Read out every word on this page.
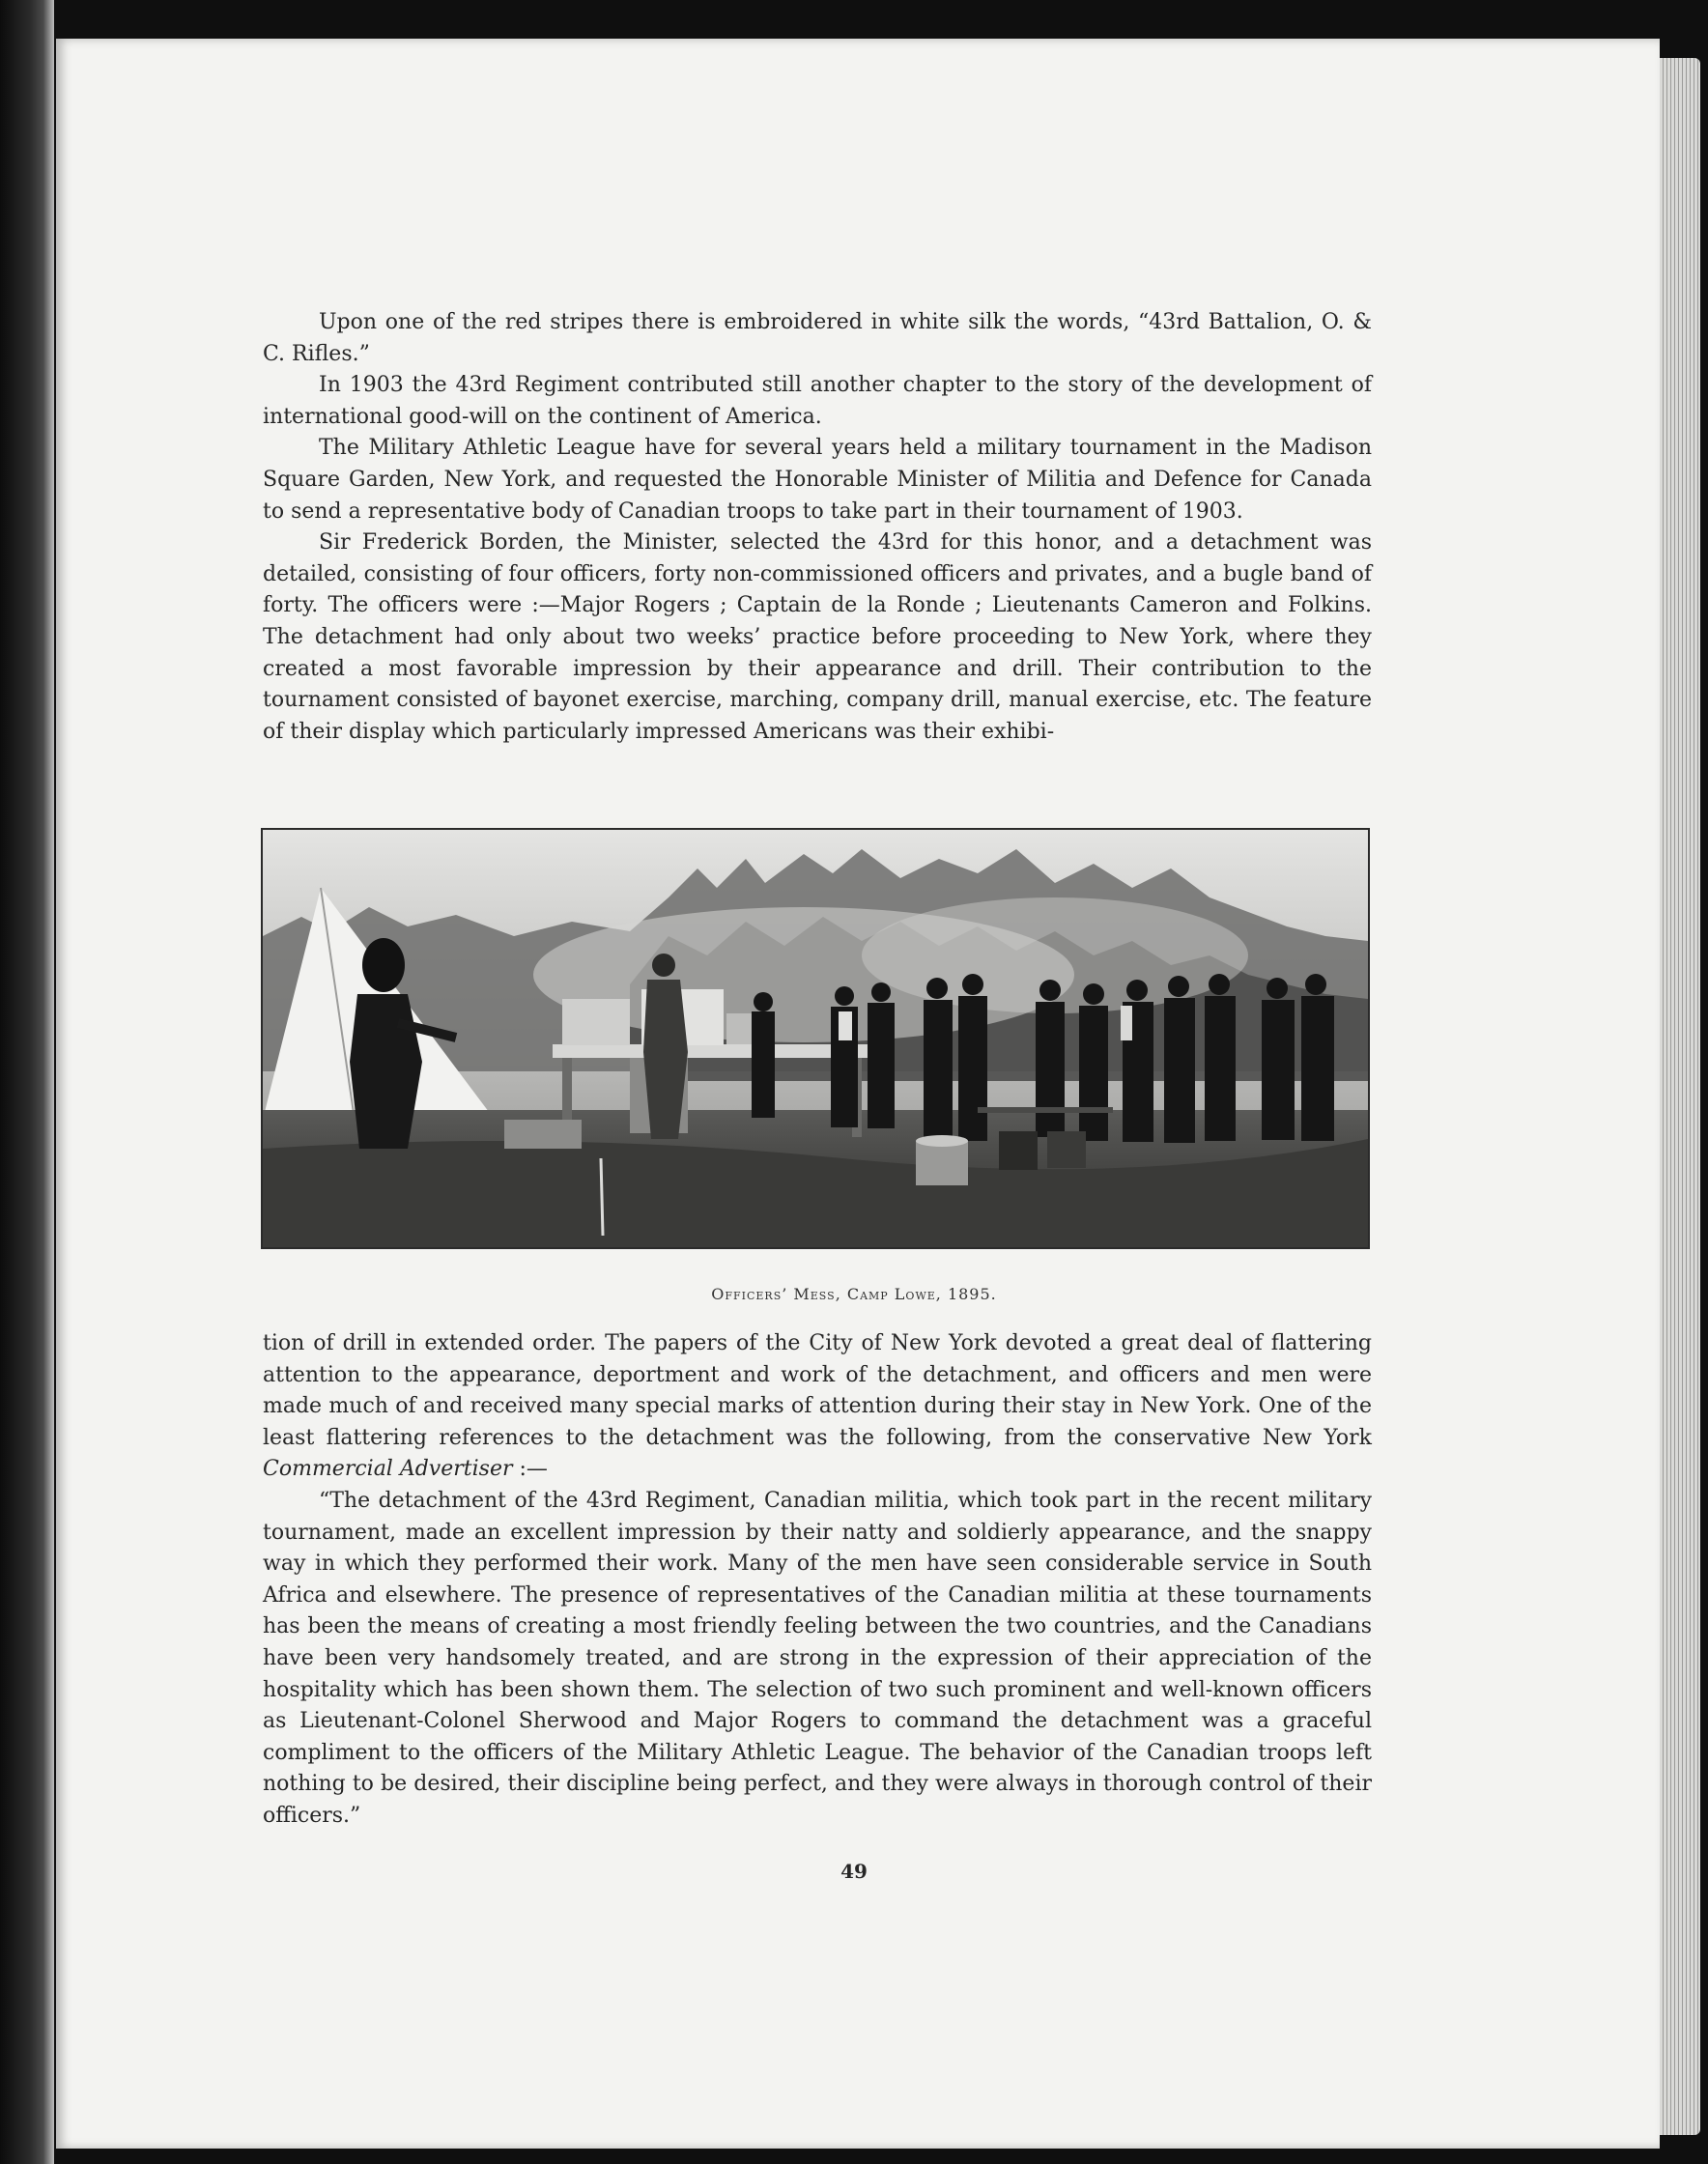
Upon one of the red stripes there is embroidered in white silk the words, “43rd Battalion, O. & C. Rifles.”

In 1903 the 43rd Regiment contributed still another chapter to the story of the development of international good-will on the continent of America.

The Military Athletic League have for several years held a military tournament in the Madison Square Garden, New York, and requested the Honorable Minister of Militia and Defence for Canada to send a representative body of Canadian troops to take part in their tournament of 1903.

Sir Frederick Borden, the Minister, selected the 43rd for this honor, and a detachment was detailed, consisting of four officers, forty non-commissioned officers and privates, and a bugle band of forty. The officers were :—Major Rogers ; Captain de la Ronde ; Lieutenants Cameron and Folkins. The detachment had only about two weeks’ practice before proceeding to New York, where they created a most favorable impression by their appearance and drill. Their contribution to the tournament consisted of bayonet exercise, marching, company drill, manual exercise, etc. The feature of their display which particularly impressed Americans was their exhibi-

Officers’ Mess, Camp Lowe, 1895.

tion of drill in extended order. The papers of the City of New York devoted a great deal of flattering attention to the appearance, deportment and work of the detachment, and officers and men were made much of and received many special marks of attention during their stay in New York. One of the least flattering references to the detachment was the following, from the conservative New York Commercial Advertiser :—

“The detachment of the 43rd Regiment, Canadian militia, which took part in the recent military tournament, made an excellent impression by their natty and soldierly appearance, and the snappy way in which they performed their work. Many of the men have seen considerable service in South Africa and elsewhere. The presence of representatives of the Canadian militia at these tournaments has been the means of creating a most friendly feeling between the two countries, and the Canadians have been very handsomely treated, and are strong in the expression of their appreciation of the hospitality which has been shown them. The selection of two such prominent and well-known officers as Lieutenant-Colonel Sherwood and Major Rogers to command the detachment was a graceful compliment to the officers of the Military Athletic League. The behavior of the Canadian troops left nothing to be desired, their discipline being perfect, and they were always in thorough control of their officers.”

49
